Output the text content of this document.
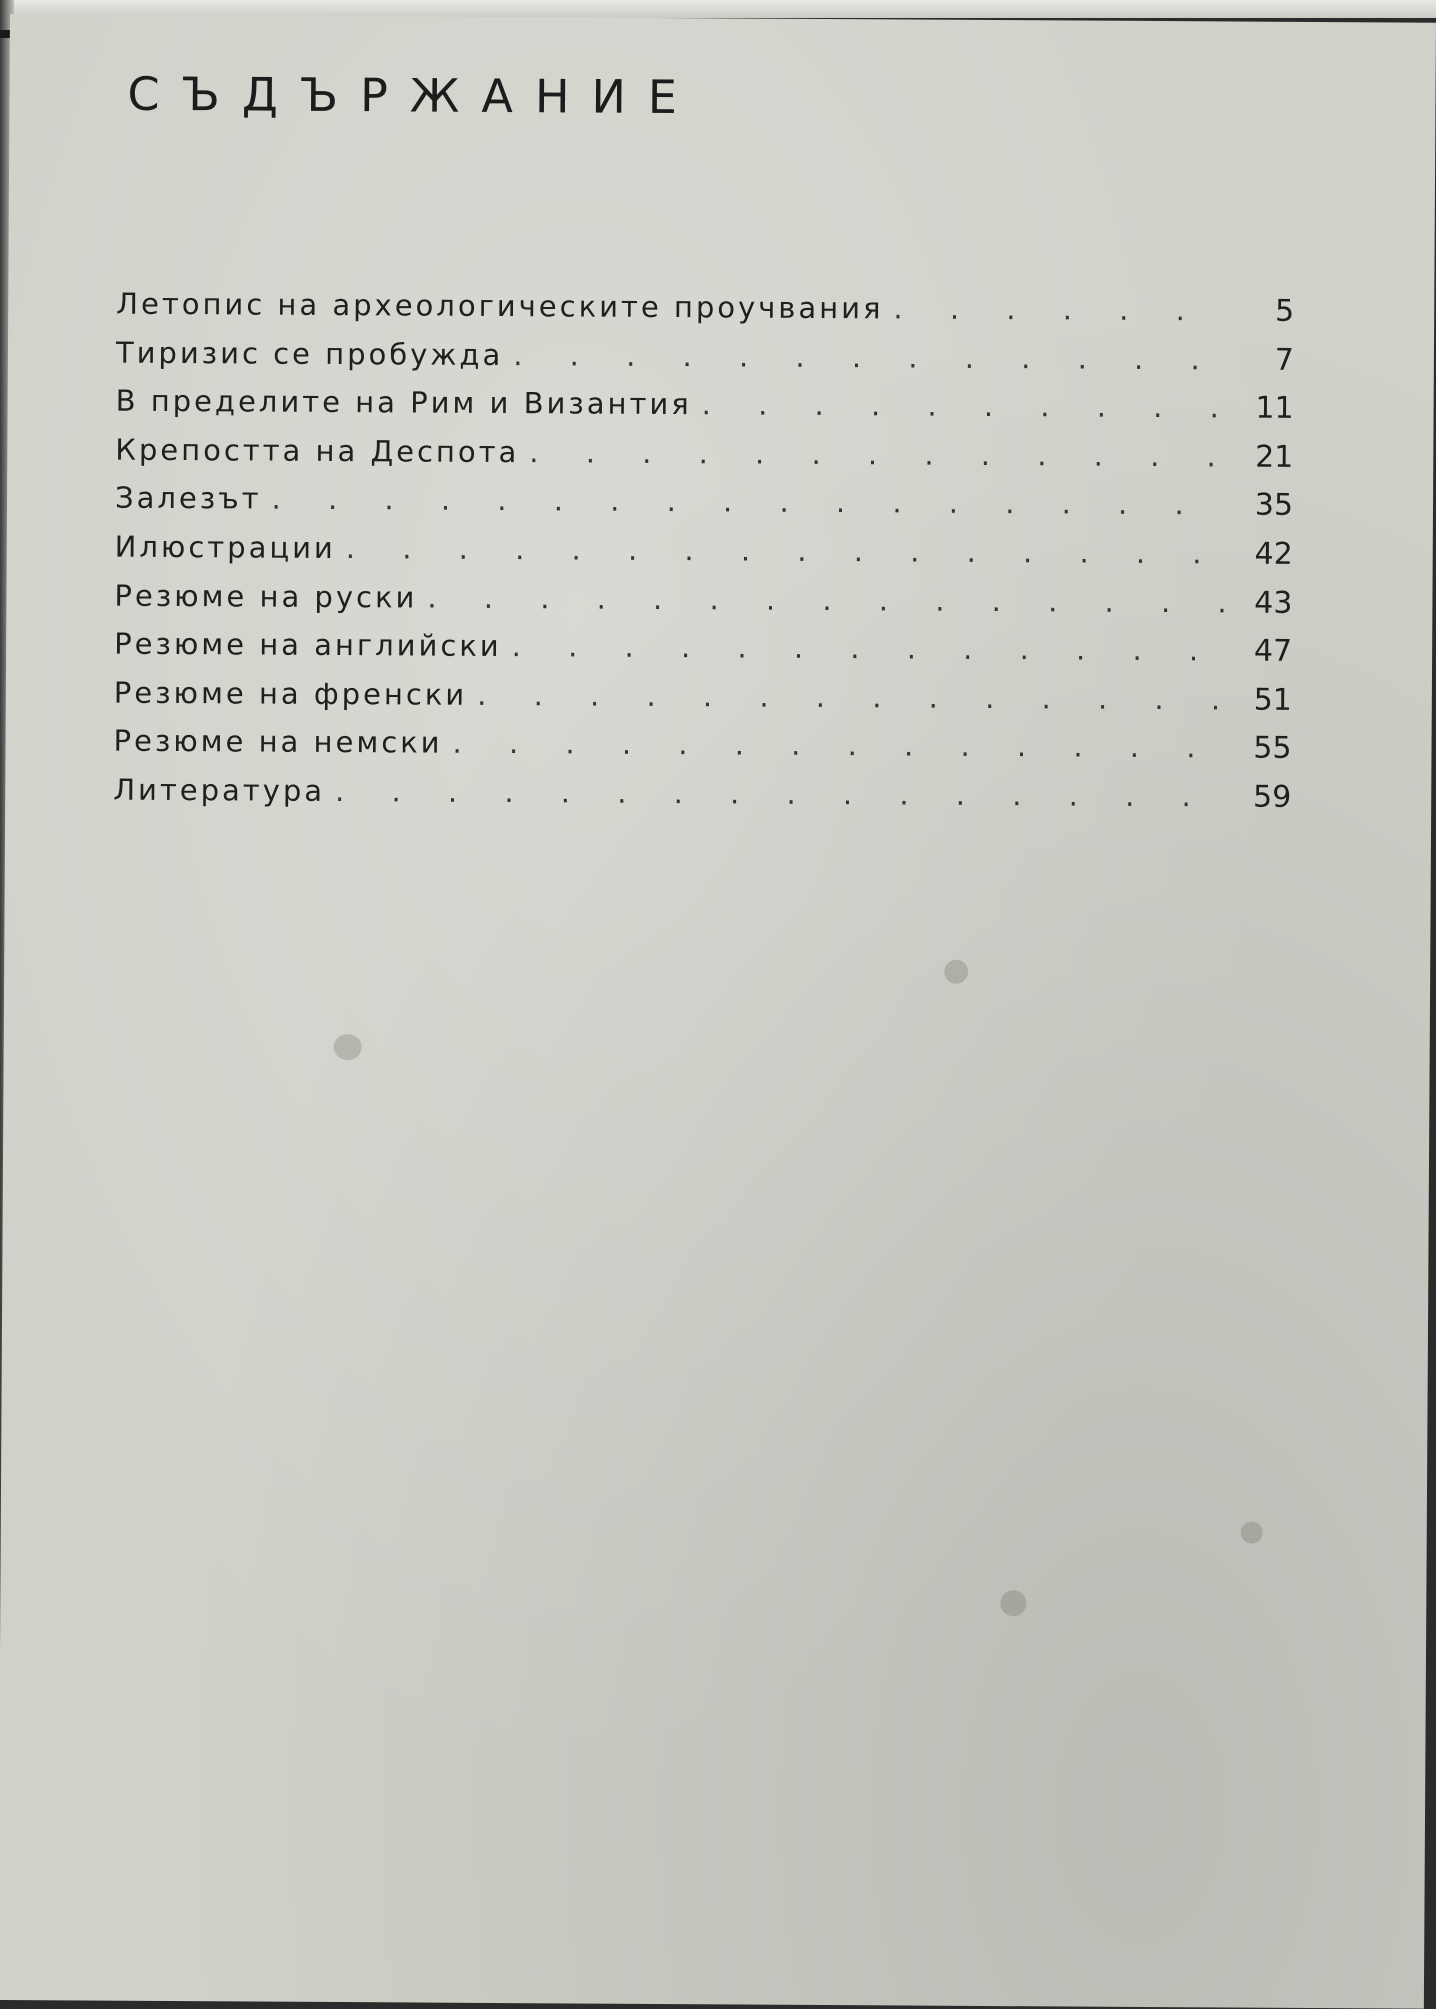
СЪДЪРЖАНИЕ
Летопис на археологическите проучвания . . .	5
Тиризис се пробужда . . .	7
В пределите на Рим и Византия . . .	11
Крепостта на Деспота . . .	21
Залезът . . .	35
Илюстрации . . .	42
Резюме на руски . . .	43
Резюме на английски . . .	47
Резюме на френски . . .	51
Резюме на немски . . .	55
Литература . . .	59
